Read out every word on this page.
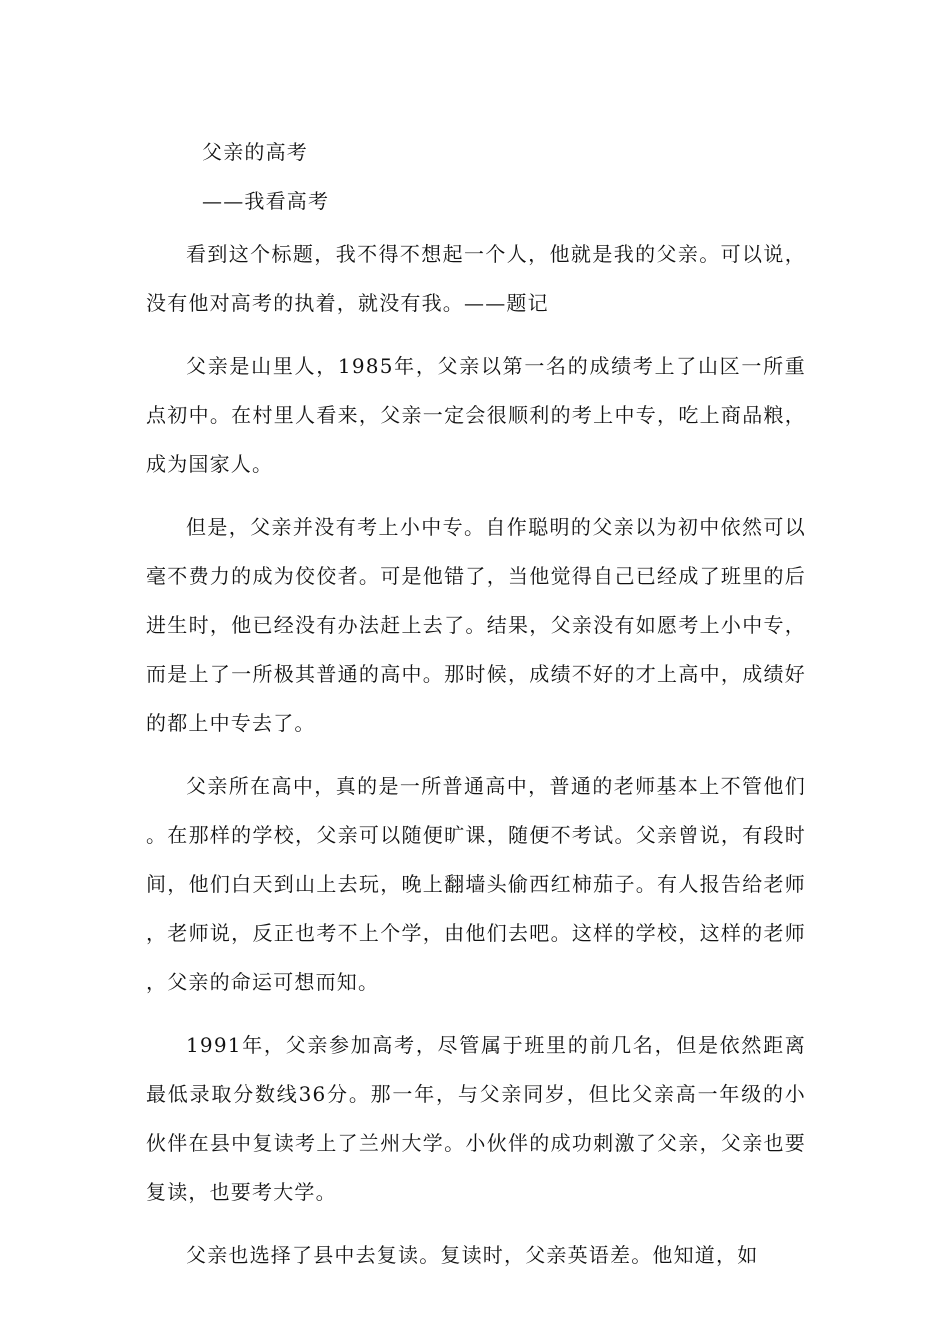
父亲的高考

——我看高考

看到这个标题，我不得不想起一个人，他就是我的父亲。可以说，没有他对高考的执着，就没有我。——题记

父亲是山里人，1985年，父亲以第一名的成绩考上了山区一所重点初中。在村里人看来，父亲一定会很顺利的考上中专，吃上商品粮，成为国家人。

但是，父亲并没有考上小中专。自作聪明的父亲以为初中依然可以毫不费力的成为佼佼者。可是他错了，当他觉得自己已经成了班里的后进生时，他已经没有办法赶上去了。结果，父亲没有如愿考上小中专，而是上了一所极其普通的高中。那时候，成绩不好的才上高中，成绩好的都上中专去了。

父亲所在高中，真的是一所普通高中，普通的老师基本上不管他们。在那样的学校，父亲可以随便旷课，随便不考试。父亲曾说，有段时间，他们白天到山上去玩，晚上翻墙头偷西红柿茄子。有人报告给老师，老师说，反正也考不上个学，由他们去吧。这样的学校，这样的老师，父亲的命运可想而知。

1991年，父亲参加高考，尽管属于班里的前几名，但是依然距离最低录取分数线36分。那一年，与父亲同岁，但比父亲高一年级的小伙伴在县中复读考上了兰州大学。小伙伴的成功刺激了父亲，父亲也要复读，也要考大学。

父亲也选择了县中去复读。复读时，父亲英语差。他知道，如
